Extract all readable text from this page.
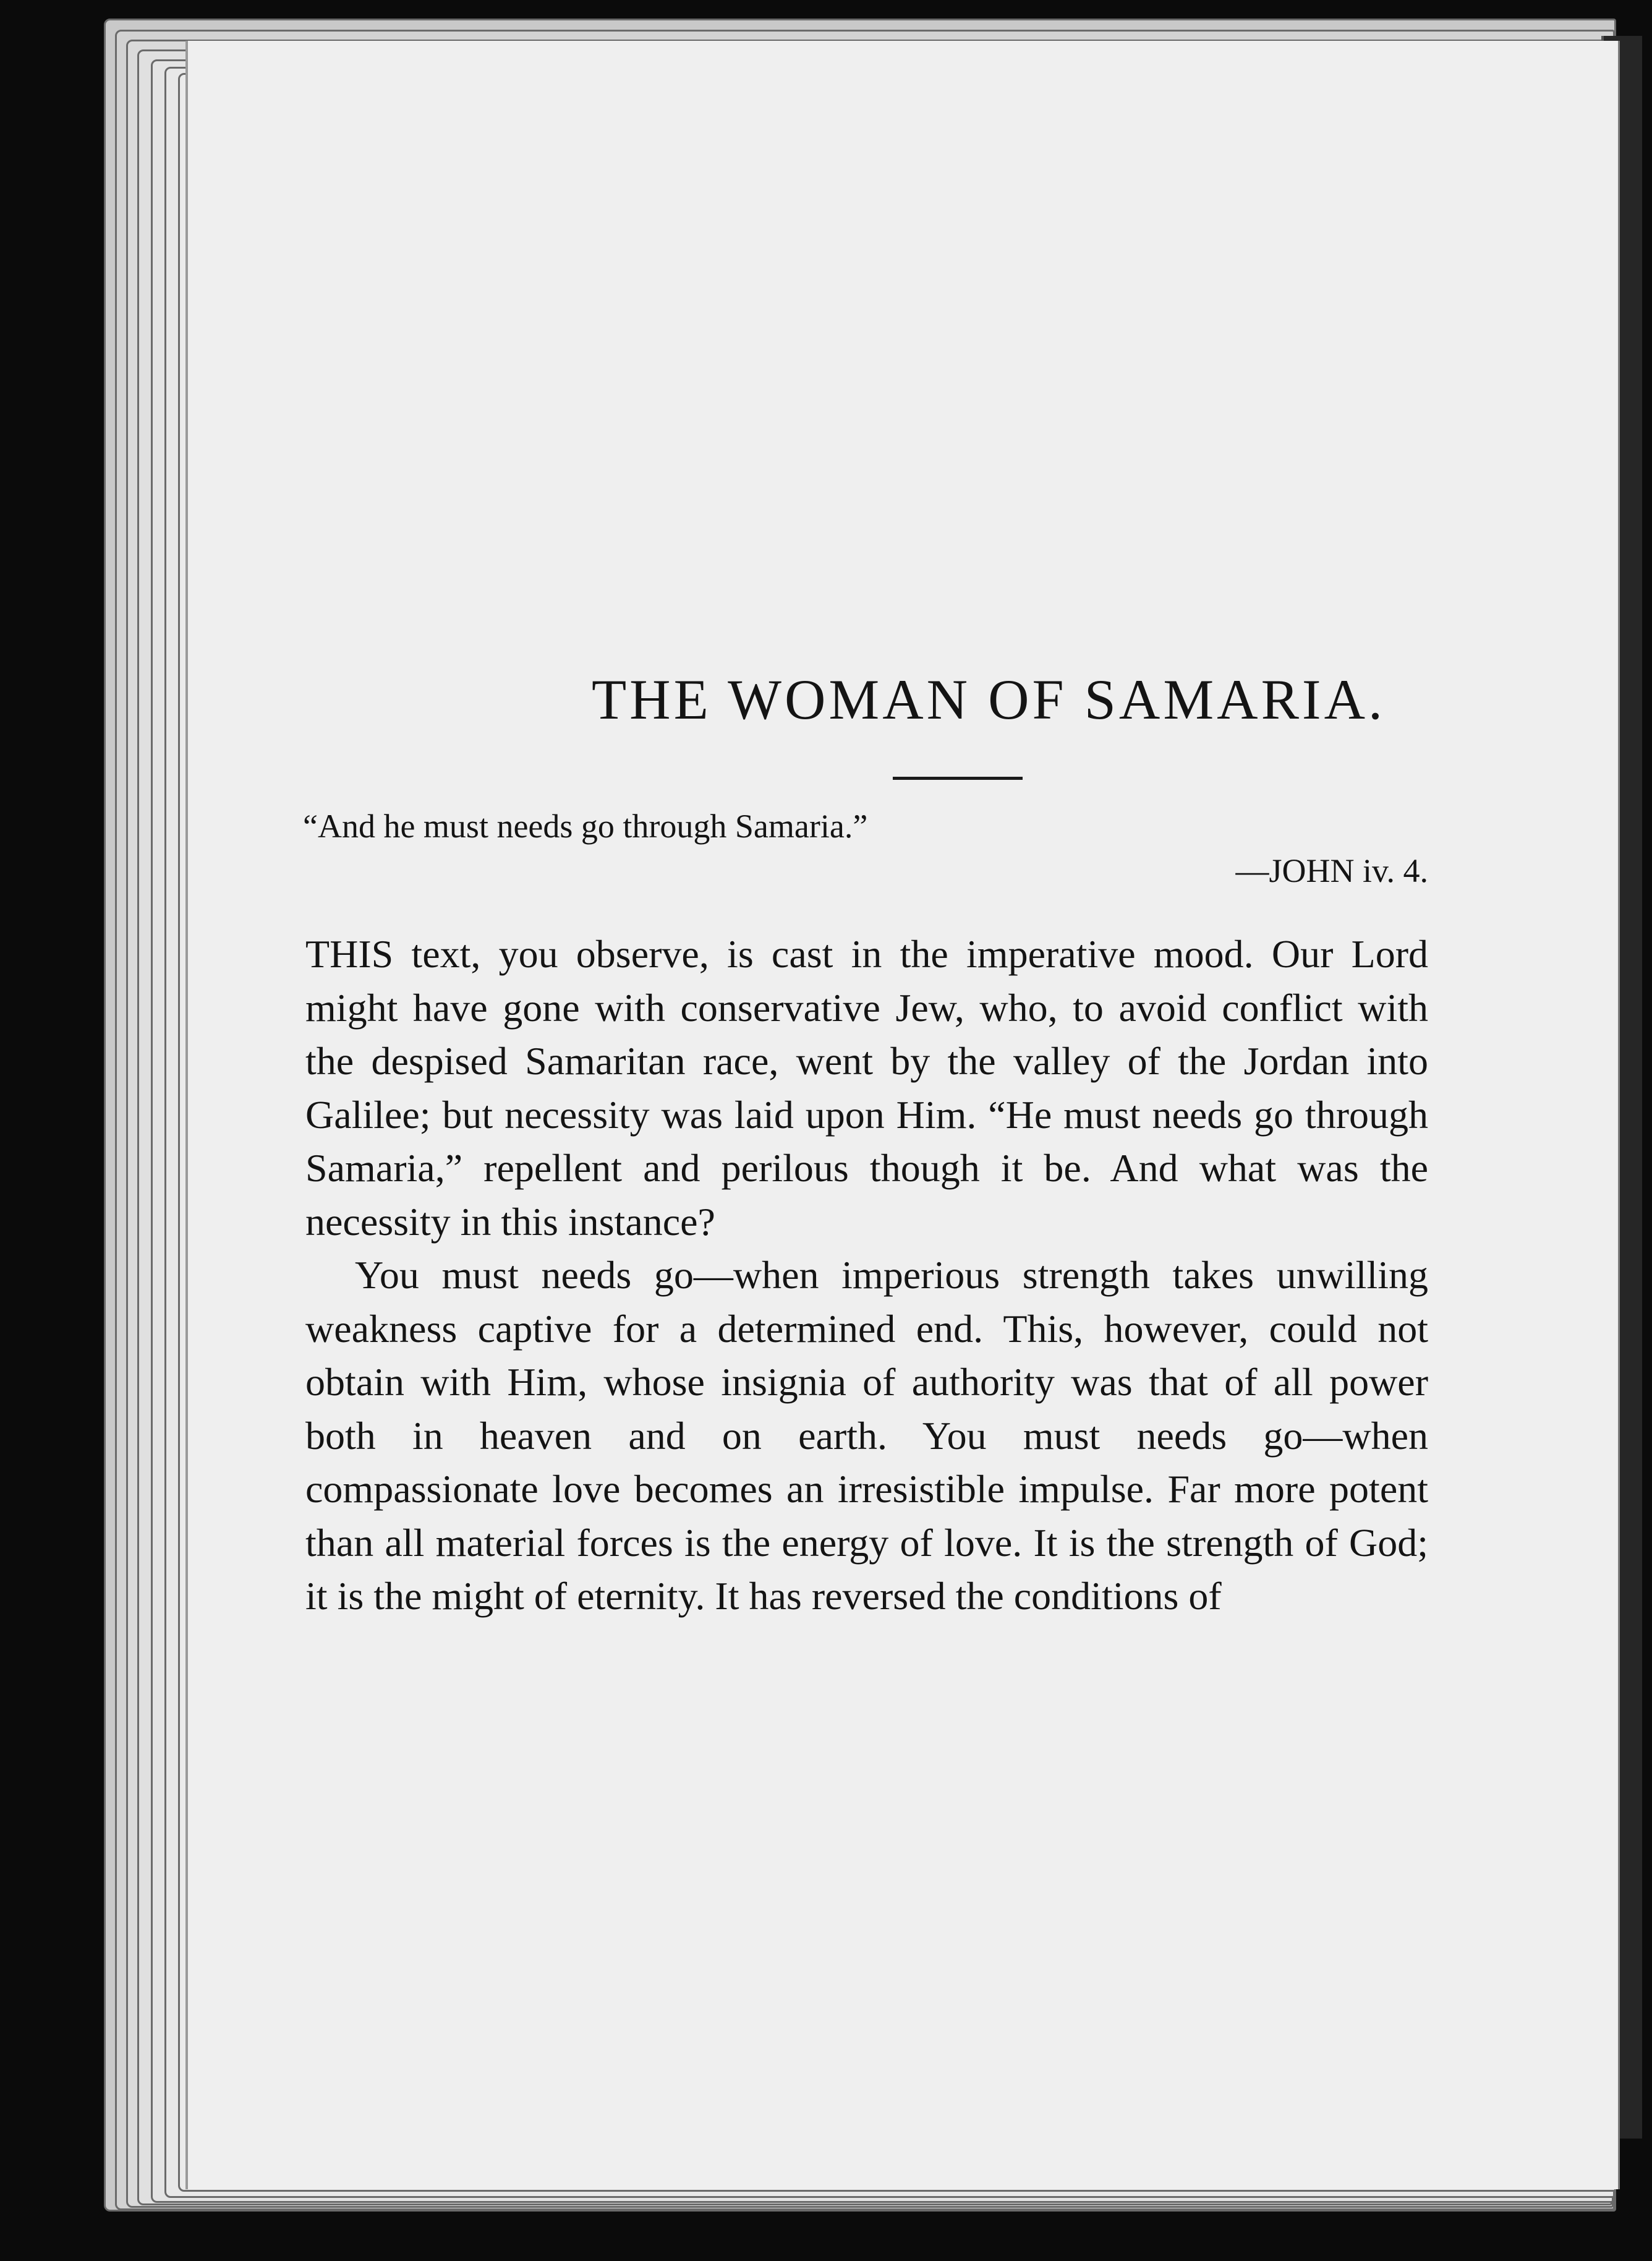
THE WOMAN OF SAMARIA.
“And he must needs go through Samaria.”
—JOHN iv. 4.

THIS text, you observe, is cast in the imperative mood. Our Lord might have gone with conservative Jew, who, to avoid conflict with the despised Samaritan race, went by the valley of the Jordan into Galilee; but necessity was laid upon Him. “He must needs go through Samaria,” repellent and perilous though it be. And what was the necessity in this instance?

You must needs go—when imperious strength takes unwilling weakness captive for a determined end. This, however, could not obtain with Him, whose insignia of authority was that of all power both in heaven and on earth. You must needs go—when compassionate love becomes an irresistible impulse. Far more potent than all material forces is the energy of love. It is the strength of God; it is the might of eternity. It has reversed the conditions of
